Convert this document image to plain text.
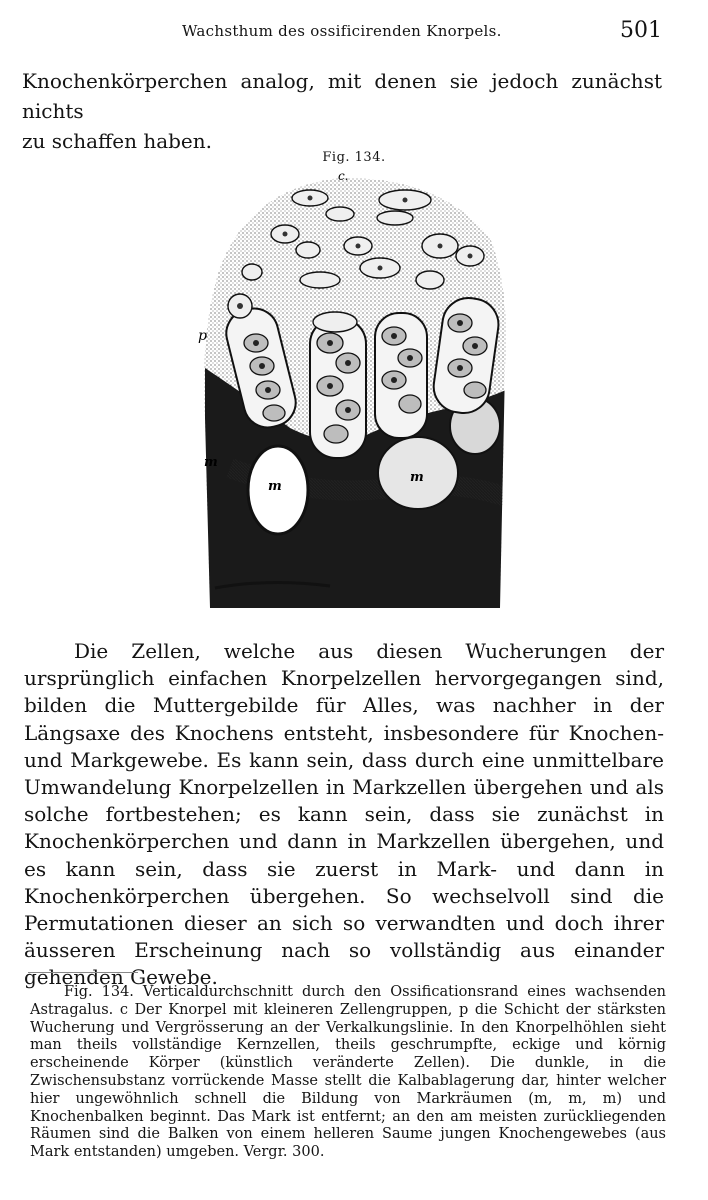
Wachsthum des ossificirenden Knorpels.	501
Knochenkörperchen analog, mit denen sie jedoch zunächst nichts
zu schaffen haben.
Fig. 134.
c.
p
m
m
m

Die Zellen, welche aus diesen Wucherungen der ursprünglich einfachen Knorpelzellen hervorgegangen sind, bilden die Muttergebilde für Alles, was nachher in der Längsaxe des Knochens entsteht, insbesondere für Knochen- und Markgewebe. Es kann sein, dass durch eine unmittelbare Umwandelung Knorpelzellen in Markzellen übergehen und als solche fortbestehen; es kann sein, dass sie zunächst in Knochenkörperchen und dann in Markzellen übergehen, und es kann sein, dass sie zuerst in Mark- und dann in Knochenkörperchen übergehen. So wechselvoll sind die Permutationen dieser an sich so verwandten und doch ihrer äusseren Erscheinung nach so vollständig aus einander gehenden Gewebe.

Fig. 134. Verticaldurchschnitt durch den Ossificationsrand eines wachsenden Astragalus. c Der Knorpel mit kleineren Zellengruppen, p die Schicht der stärksten Wucherung und Vergrösserung an der Verkalkungslinie. In den Knorpelhöhlen sieht man theils vollständige Kernzellen, theils geschrumpfte, eckige und körnig erscheinende Körper (künstlich veränderte Zellen). Die dunkle, in die Zwischensubstanz vorrückende Masse stellt die Kalbablagerung dar, hinter welcher hier ungewöhnlich schnell die Bildung von Markräumen (m, m, m) und Knochenbalken beginnt. Das Mark ist entfernt; an den am meisten zurückliegenden Räumen sind die Balken von einem helleren Saume jungen Knochengewebes (aus Mark entstanden) umgeben. Vergr. 300.
